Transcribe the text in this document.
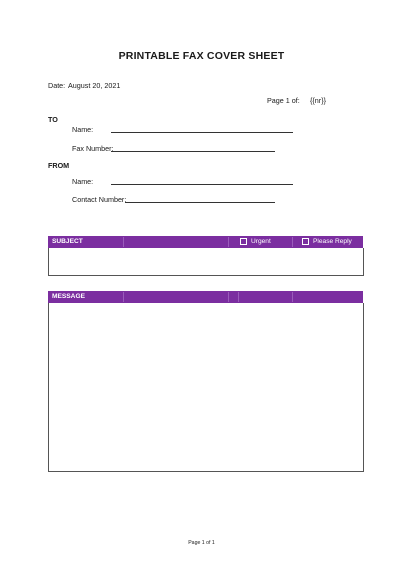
PRINTABLE FAX COVER SHEET
Date: August 20, 2021
Page 1 of: {{nr}}
TO
Name:
Fax Number:
FROM
Name:
Contact Number:
SUBJECT	Urgent	Please Reply
MESSAGE
Page 1 of 1
